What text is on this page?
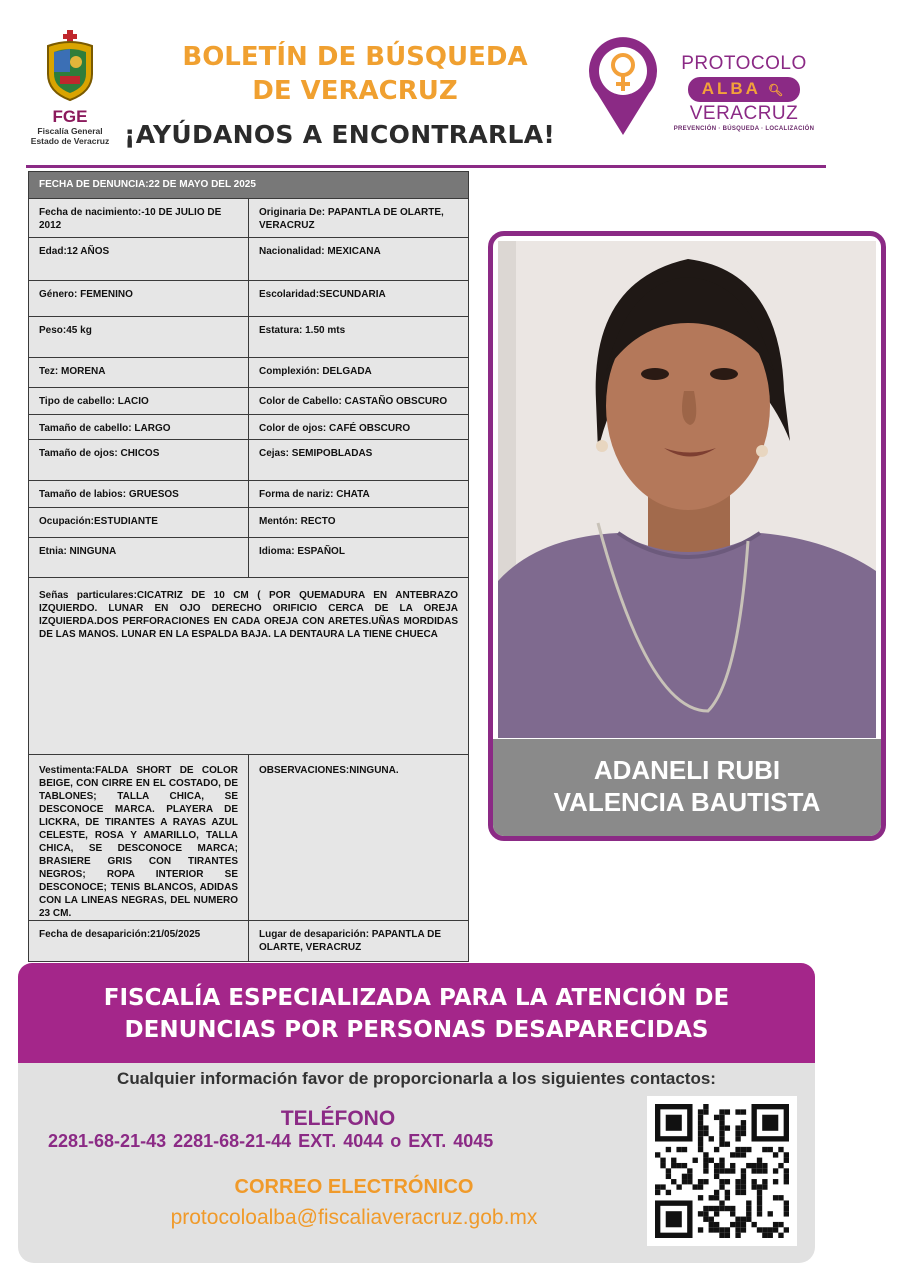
FGE
Fiscalía General
Estado de Veracruz
BOLETÍN DE BÚSQUEDA
DE VERACRUZ
¡AYÚDANOS A ENCONTRARLA!
PROTOCOLO
ALBA 🔍︎
VERACRUZ
PREVENCIÓN · BÚSQUEDA · LOCALIZACIÓN
FECHA DE DENUNCIA:22 DE MAYO DEL 2025
Fecha de nacimiento:-10 DE JULIO DE 2012
Originaria De: PAPANTLA DE OLARTE, VERACRUZ
Edad:12 AÑOS	Nacionalidad: MEXICANA
Género: FEMENINO	Escolaridad:SECUNDARIA
Peso:45 kg	Estatura: 1.50 mts
Tez: MORENA	Complexión: DELGADA
Tipo de cabello: LACIO	Color de Cabello: CASTAÑO OBSCURO
Tamaño de cabello: LARGO	Color de ojos: CAFÉ OBSCURO
Tamaño de ojos: CHICOS	Cejas: SEMIPOBLADAS
Tamaño de labios: GRUESOS	Forma de nariz: CHATA
Ocupación:ESTUDIANTE	Mentón: RECTO
Etnia: NINGUNA	Idioma: ESPAÑOL
Señas particulares:CICATRIZ DE 10 CM ( POR QUEMADURA EN ANTEBRAZO IZQUIERDO. LUNAR EN OJO DERECHO ORIFICIO CERCA DE LA OREJA IZQUIERDA.DOS PERFORACIONES EN CADA OREJA CON ARETES.UÑAS MORDIDAS DE LAS MANOS. LUNAR EN LA ESPALDA BAJA. LA DENTAURA LA TIENE CHUECA
Vestimenta:FALDA SHORT DE COLOR BEIGE, CON CIRRE EN EL COSTADO, DE TABLONES; TALLA CHICA, SE DESCONOCE MARCA. PLAYERA DE LICKRA, DE TIRANTES A RAYAS AZUL CELESTE, ROSA Y AMARILLO, TALLA CHICA, SE DESCONOCE MARCA; BRASIERE GRIS CON TIRANTES NEGROS; ROPA INTERIOR SE DESCONOCE; TENIS BLANCOS, ADIDAS CON LA LINEAS NEGRAS, DEL NUMERO 23 CM.
OBSERVACIONES:NINGUNA.
Fecha de desaparición:21/05/2025	Lugar de desaparición: PAPANTLA DE OLARTE, VERACRUZ
ADANELI RUBI
VALENCIA BAUTISTA
FISCALÍA ESPECIALIZADA PARA LA ATENCIÓN DE
DENUNCIAS POR PERSONAS DESAPARECIDAS
Cualquier información favor de proporcionarla a los siguientes contactos:
TELÉFONO
2281-68-21-43 2281-68-21-44 EXT. 4044 o EXT. 4045
CORREO ELECTRÓNICO
protocoloalba@fiscaliaveracruz.gob.mx
